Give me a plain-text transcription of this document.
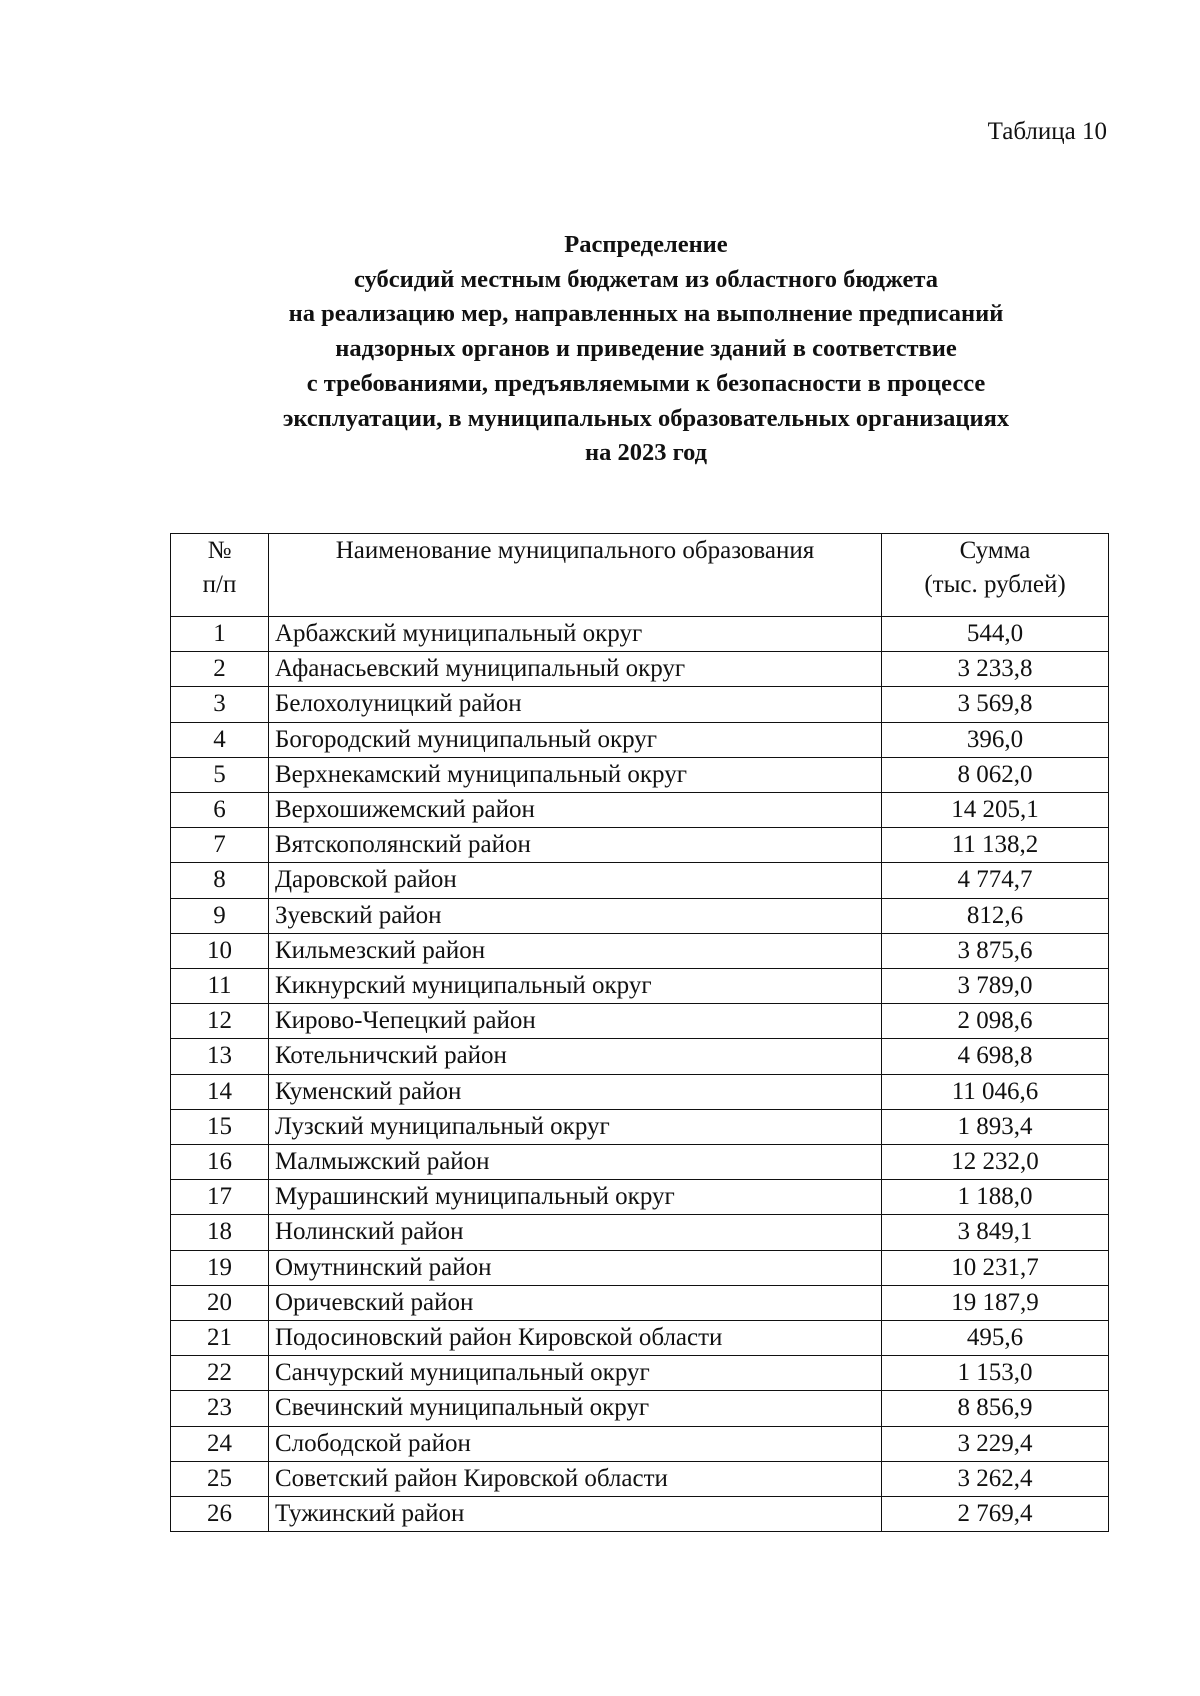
Таблица 10

Распределение
субсидий местным бюджетам из областного бюджета
на реализацию мер, направленных на выполнение предписаний
надзорных органов и приведение зданий в соответствие
с требованиями, предъявляемыми к безопасности в процессе
эксплуатации, в муниципальных образовательных организациях
на 2023 год
№
п/п	Наименование муниципального образования	Сумма
(тыс. рублей)

1	Арбажский муниципальный округ	544,0
2	Афанасьевский муниципальный округ	3 233,8
3	Белохолуницкий район	3 569,8
4	Богородский муниципальный округ	396,0
5	Верхнекамский муниципальный округ	8 062,0
6	Верхошижемский район	14 205,1
7	Вятскополянский район	11 138,2
8	Даровской район	4 774,7
9	Зуевский район	812,6
10	Кильмезский район	3 875,6
11	Кикнурский муниципальный округ	3 789,0
12	Кирово-Чепецкий район	2 098,6
13	Котельничский район	4 698,8
14	Куменский район	11 046,6
15	Лузский муниципальный округ	1 893,4
16	Малмыжский район	12 232,0
17	Мурашинский муниципальный округ	1 188,0
18	Нолинский район	3 849,1
19	Омутнинский район	10 231,7
20	Оричевский район	19 187,9
21	Подосиновский район Кировской области	495,6
22	Санчурский муниципальный округ	1 153,0
23	Свечинский муниципальный округ	8 856,9
24	Слободской район	3 229,4
25	Советский район Кировской области	3 262,4
26	Тужинский район	2 769,4
